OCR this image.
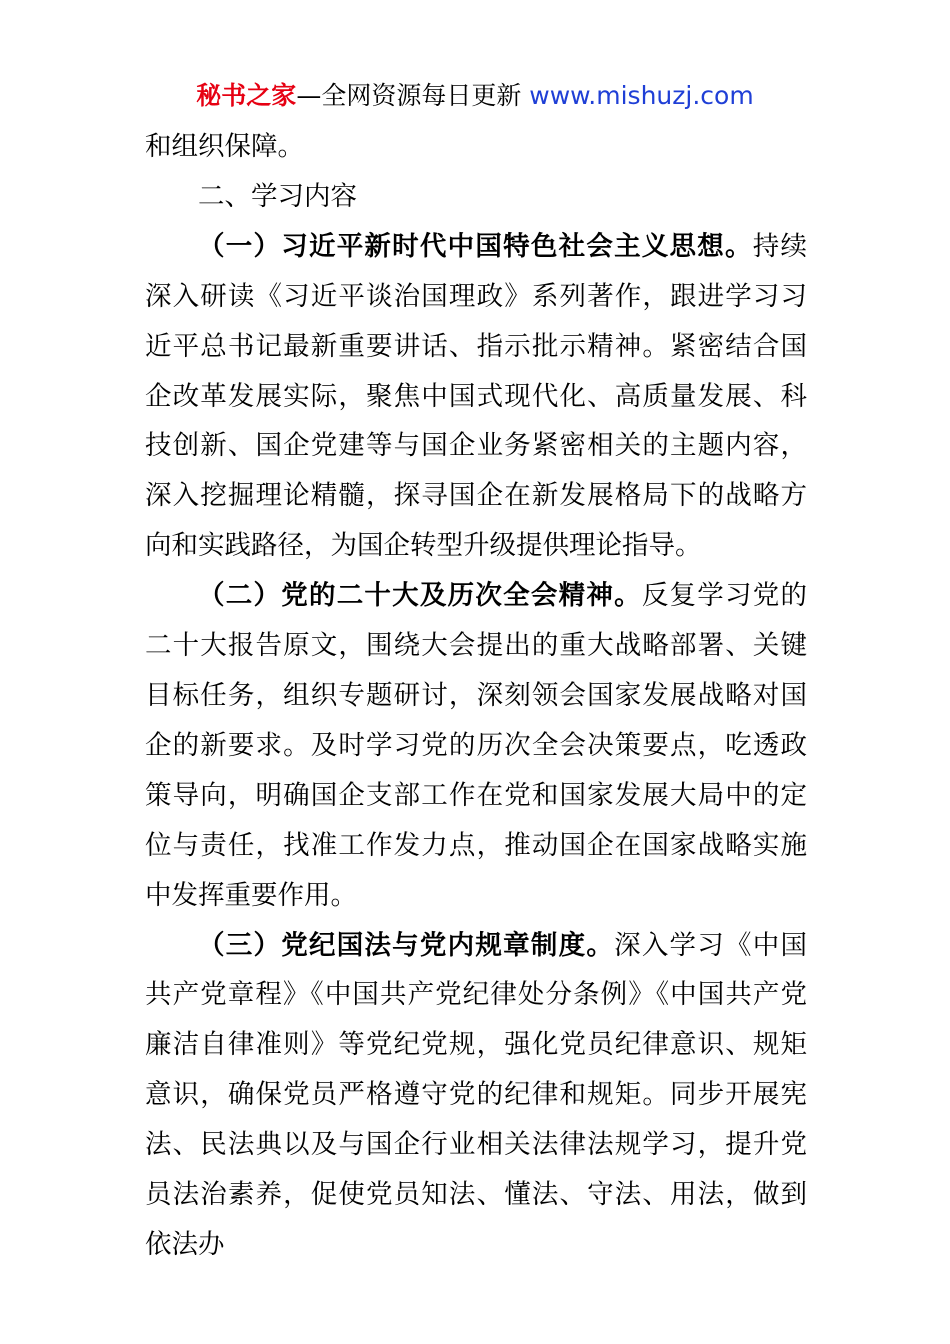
秘书之家—全网资源每日更新 www.mishuzj.com

和组织保障。

二、学习内容

（一）习近平新时代中国特色社会主义思想。持续深入研读《习近平谈治国理政》系列著作，跟进学习习近平总书记最新重要讲话、指示批示精神。紧密结合国企改革发展实际，聚焦中国式现代化、高质量发展、科技创新、国企党建等与国企业务紧密相关的主题内容，深入挖掘理论精髓，探寻国企在新发展格局下的战略方向和实践路径，为国企转型升级提供理论指导。

（二）党的二十大及历次全会精神。反复学习党的二十大报告原文，围绕大会提出的重大战略部署、关键目标任务，组织专题研讨，深刻领会国家发展战略对国企的新要求。及时学习党的历次全会决策要点，吃透政策导向，明确国企支部工作在党和国家发展大局中的定位与责任，找准工作发力点，推动国企在国家战略实施中发挥重要作用。

（三）党纪国法与党内规章制度。深入学习《中国共产党章程》《中国共产党纪律处分条例》《中国共产党廉洁自律准则》等党纪党规，强化党员纪律意识、规矩意识，确保党员严格遵守党的纪律和规矩。同步开展宪法、民法典以及与国企行业相关法律法规学习，提升党员法治素养，促使党员知法、懂法、守法、用法，做到依法办
